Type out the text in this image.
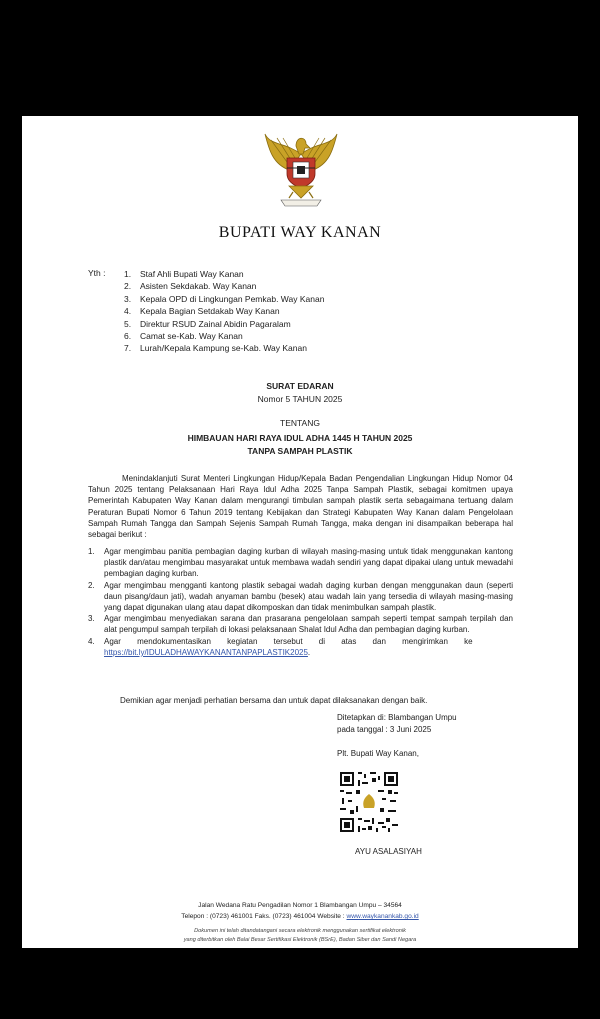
BUPATI WAY KANAN
Yth : 1. Staf Ahli Bupati Way Kanan
2. Asisten Sekdakab. Way Kanan
3. Kepala OPD di Lingkungan Pemkab. Way Kanan
4. Kepala Bagian Setdakab Way Kanan
5. Direktur RSUD Zainal Abidin Pagaralam
6. Camat se-Kab. Way Kanan
7. Lurah/Kepala Kampung se-Kab. Way Kanan
SURAT EDARAN
Nomor 5 TAHUN 2025
TENTANG
HIMBAUAN HARI RAYA IDUL ADHA 1445 H TAHUN 2025
TANPA SAMPAH PLASTIK

Menindaklanjuti Surat Menteri Lingkungan Hidup/Kepala Badan Pengendalian Lingkungan Hidup Nomor 04 Tahun 2025 tentang Pelaksanaan Hari Raya Idul Adha 2025 Tanpa Sampah Plastik, sebagai komitmen upaya Pemerintah Kabupaten Way Kanan dalam mengurangi timbulan sampah plastik serta sebagaimana tertuang dalam Peraturan Bupati Nomor 6 Tahun 2019 tentang Kebijakan dan Strategi Kabupaten Way Kanan dalam Pengelolaan Sampah Rumah Tangga dan Sampah Sejenis Sampah Rumah Tangga, maka dengan ini disampaikan beberapa hal sebagai berikut :

1. Agar mengimbau panitia pembagian daging kurban di wilayah masing-masing untuk tidak menggunakan kantong plastik dan/atau mengimbau masyarakat untuk membawa wadah sendiri yang dapat dipakai ulang untuk mewadahi pembagian daging kurban.
2. Agar mengimbau mengganti kantong plastik sebagai wadah daging kurban dengan menggunakan daun (seperti daun pisang/daun jati), wadah anyaman bambu (besek) atau wadah lain yang tersedia di wilayah masing-masing yang dapat digunakan ulang atau dapat dikomposkan dan tidak menimbulkan sampah plastik.
3. Agar mengimbau menyediakan sarana dan prasarana pengelolaan sampah seperti tempat sampah terpilah dan alat pengumpul sampah terpilah di lokasi pelaksanaan Shalat Idul Adha dan pembagian daging kurban.
4. Agar mendokumentasikan kegiatan tersebut di atas dan mengirimkan ke
https://bit.ly/IDULADHAWAYKANANTANPAPLASTIK2025.
Demikian agar menjadi perhatian bersama dan untuk dapat dilaksanakan dengan baik.
Ditetapkan di: Blambangan Umpu
pada tanggal : 3 Juni 2025
Plt. Bupati Way Kanan,
AYU ASALASIYAH
Jalan Wedana Ratu Pengadilan Nomor 1 Blambangan Umpu – 34564
Telepon : (0723) 461001 Faks. (0723) 461004 Website : www.waykanankab.go.id
Dokumen ini telah ditandatangani secara elektronik menggunakan sertifikat elektronik
yang diterbitkan oleh Balai Besar Sertifikasi Elektronik (BSrE), Badan Siber dan Sandi Negara
